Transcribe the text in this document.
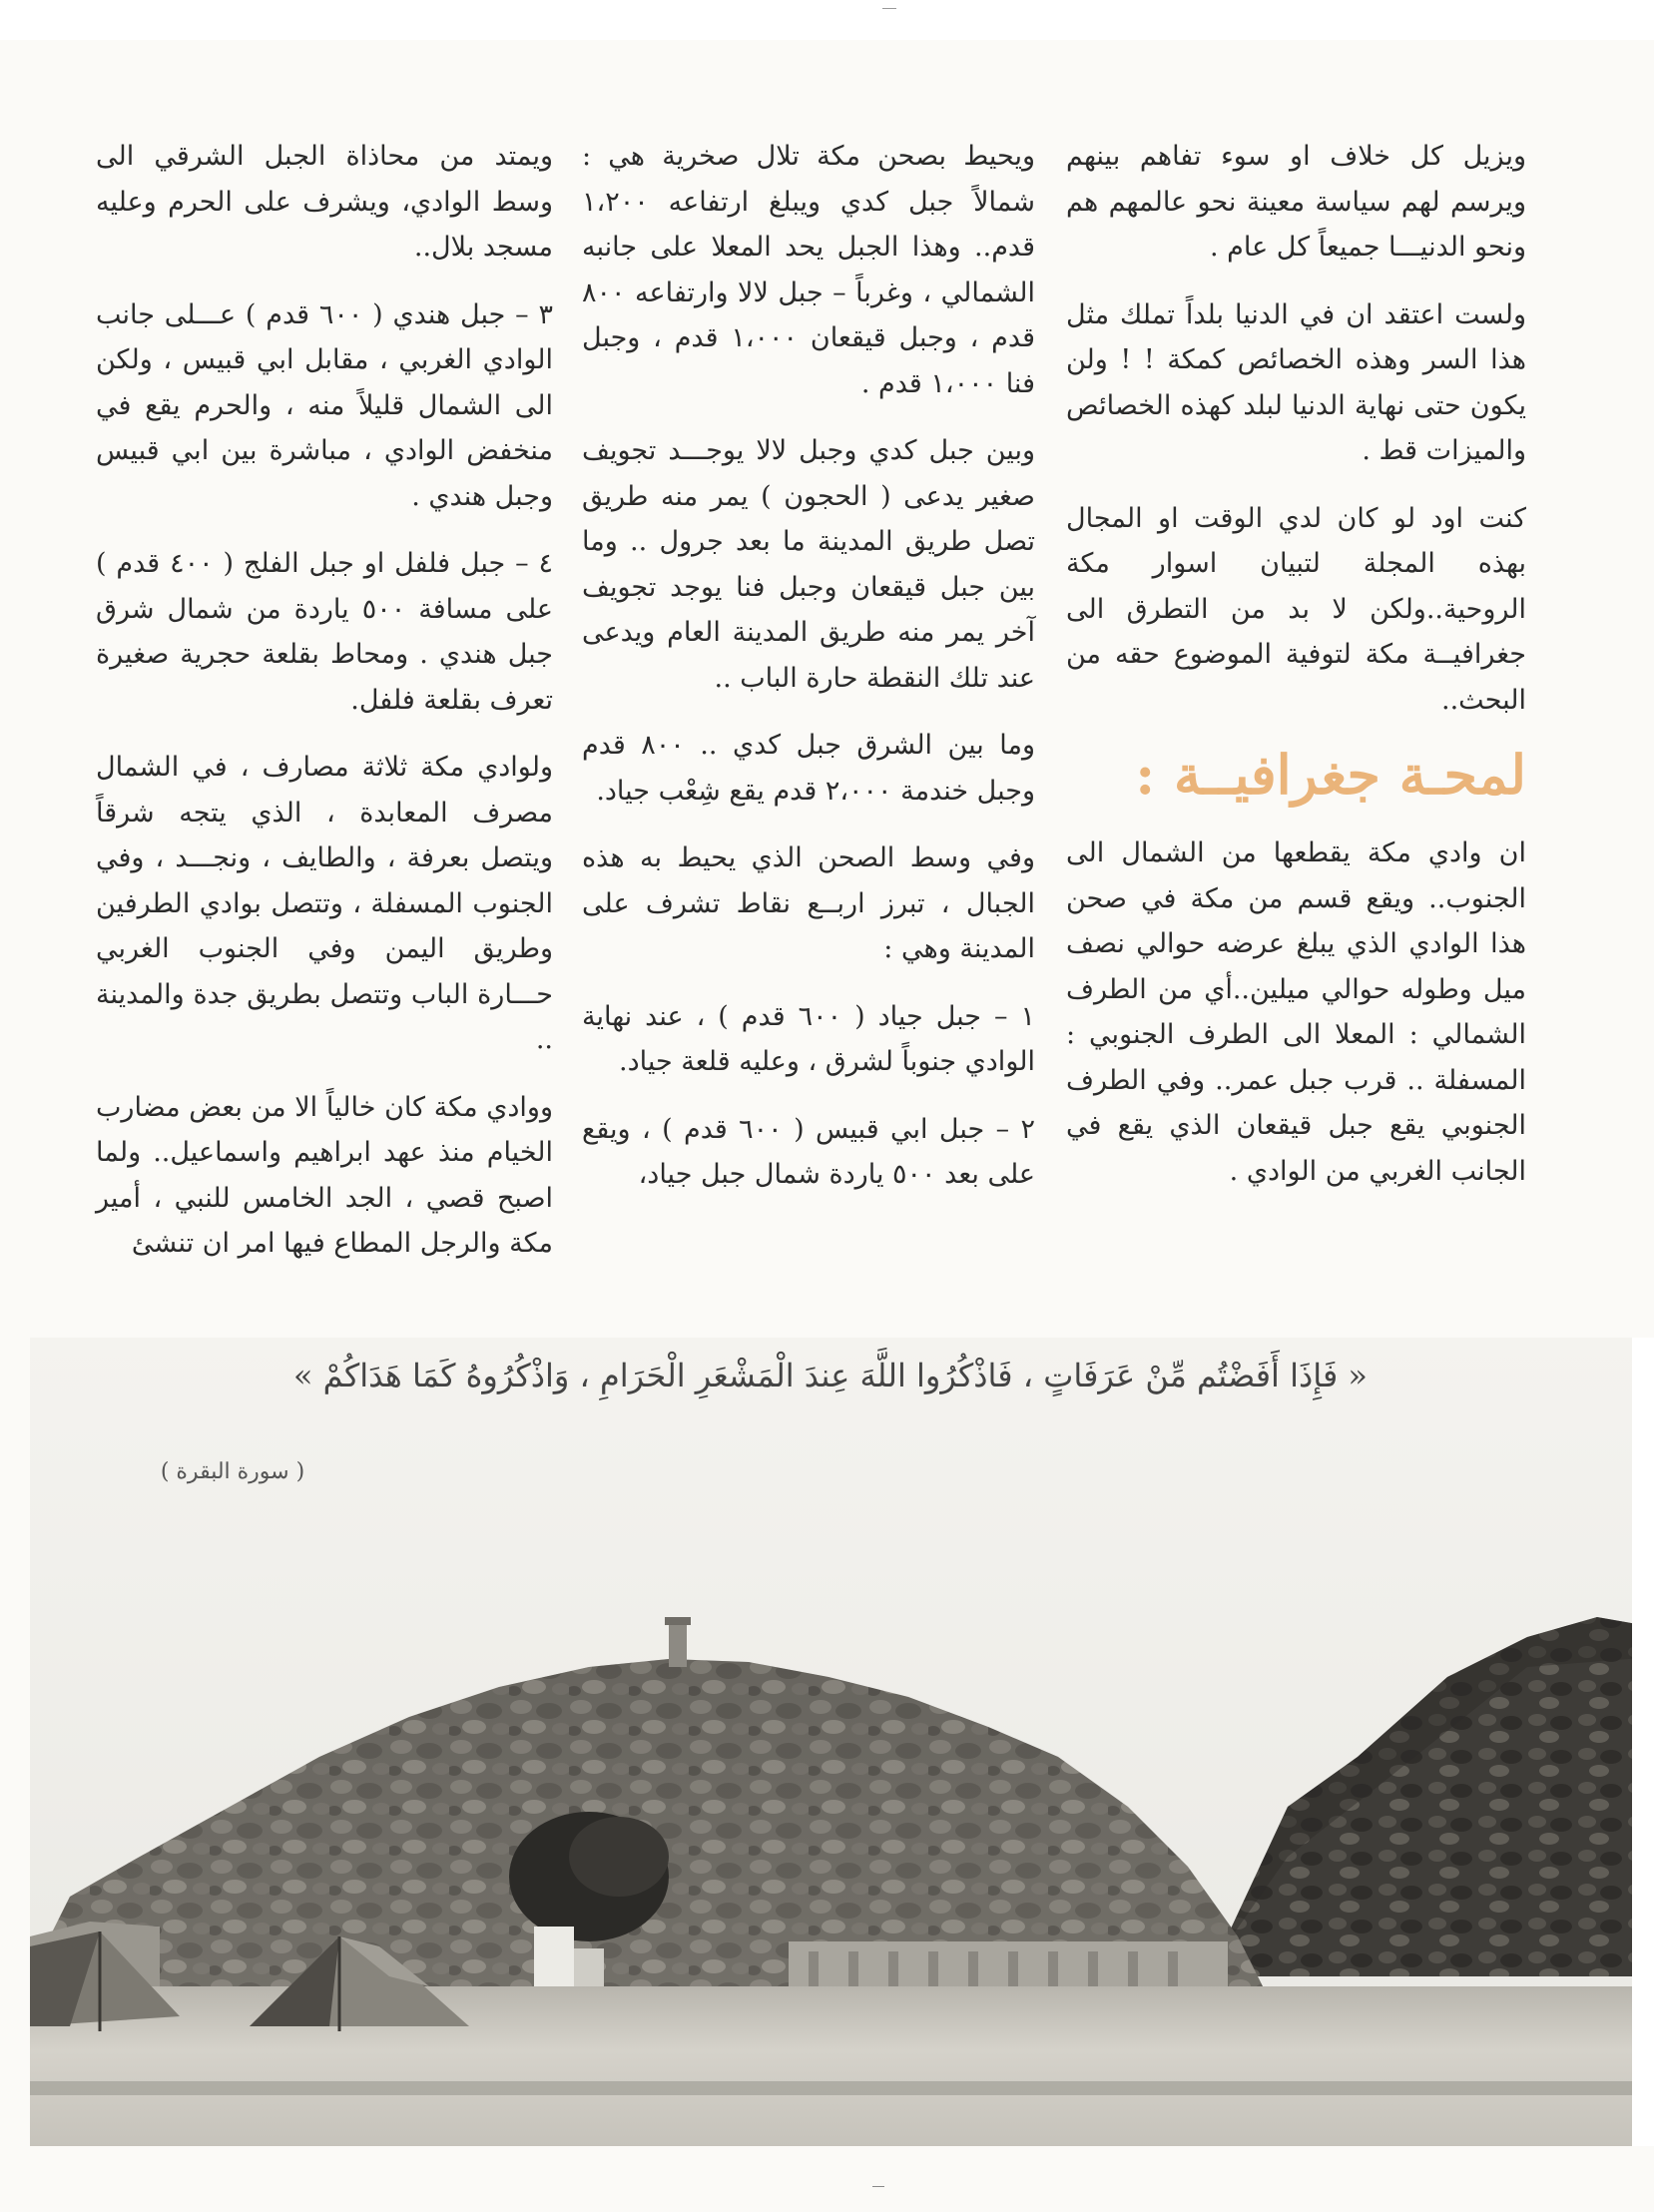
ويزيل كل خلاف او سوء تفاهم بينهم ويرسم لهم سياسة معينة نحو عالمهم هم ونحو الدنيـــا جميعاً كل عام .

ولست اعتقد ان في الدنيا بلداً تملك مثل هذا السر وهذه الخصائص كمكة ! ! ولن يكون حتى نهاية الدنيا لبلد كهذه الخصائص والميزات قط .

كنت اود لو كان لدي الوقت او المجال بهذه المجلة لتبيان اسوار مكة الروحية..ولكن لا بد من التطرق الى جغرافيــة مكة لتوفية الموضوع حقه من البحث..

لمحـة جغرافيــة :

ان وادي مكة يقطعها من الشمال الى الجنوب.. ويقع قسم من مكة في صحن هذا الوادي الذي يبلغ عرضه حوالي نصف ميل وطوله حوالي ميلين..أي من الطرف الشمالي : المعلا الى الطرف الجنوبي : المسفلة .. قرب جبل عمر.. وفي الطرف الجنوبي يقع جبل قيقعان الذي يقع في الجانب الغربي من الوادي .

ويحيط بصحن مكة تلال صخرية هي : شمالاً جبل كدي ويبلغ ارتفاعه ١،٢٠٠ قدم.. وهذا الجبل يحد المعلا على جانبه الشمالي ، وغرباً – جبل لالا وارتفاعه ٨٠٠ قدم ، وجبل قيقعان ١،٠٠٠ قدم ، وجبل فنا ١،٠٠٠ قدم .

وبين جبل كدي وجبل لالا يوجـــد تجويف صغير يدعى ( الحجون ) يمر منه طريق تصل طريق المدينة ما بعد جرول .. وما بين جبل قيقعان وجبل فنا يوجد تجويف آخر يمر منه طريق المدينة العام ويدعى عند تلك النقطة حارة الباب ..

وما بين الشرق جبل كدي .. ٨٠٠ قدم وجبل خندمة ٢،٠٠٠ قدم يقع شِعْب جياد.

وفي وسط الصحن الذي يحيط به هذه الجبال ، تبرز اربــع نقاط تشرف على المدينة وهي :

١ – جبل جياد ( ٦٠٠ قدم ) ، عند نهاية الوادي جنوباً لشرق ، وعليه قلعة جياد.

٢ – جبل ابي قبيس ( ٦٠٠ قدم ) ، ويقع على بعد ٥٠٠ ياردة شمال جبل جياد،

ويمتد من محاذاة الجبل الشرقي الى وسط الوادي، ويشرف على الحرم وعليه مسجد بلال..

٣ – جبل هندي ( ٦٠٠ قدم ) عـــلى جانب الوادي الغربي ، مقابل ابي قبيس ، ولكن الى الشمال قليلاً منه ، والحرم يقع في منخفض الوادي ، مباشرة بين ابي قبيس وجبل هندي .

٤ – جبل فلفل او جبل الفلج ( ٤٠٠ قدم ) على مسافة ٥٠٠ ياردة من شمال شرق جبل هندي . ومحاط بقلعة حجرية صغيرة تعرف بقلعة فلفل.

ولوادي مكة ثلاثة مصارف ، في الشمال مصرف المعابدة ، الذي يتجه شرقاً ويتصل بعرفة ، والطايف ، ونجـــد ، وفي الجنوب المسفلة ، وتتصل بوادي الطرفين وطريق اليمن وفي الجنوب الغربي حـــارة الباب وتتصل بطريق جدة والمدينة ..

ووادي مكة كان خالياً الا من بعض مضارب الخيام منذ عهد ابراهيم واسماعيل.. ولما اصبح قصي ، الجد الخامس للنبي ، أمير مكة والرجل المطاع فيها امر ان تنشئ

« فَإِذَا أَفَضْتُم مِّنْ عَرَفَاتٍ ، فَاذْكُرُوا اللَّهَ عِندَ الْمَشْعَرِ الْحَرَامِ ، وَاذْكُرُوهُ كَمَا هَدَاكُمْ »
( سورة البقرة )
